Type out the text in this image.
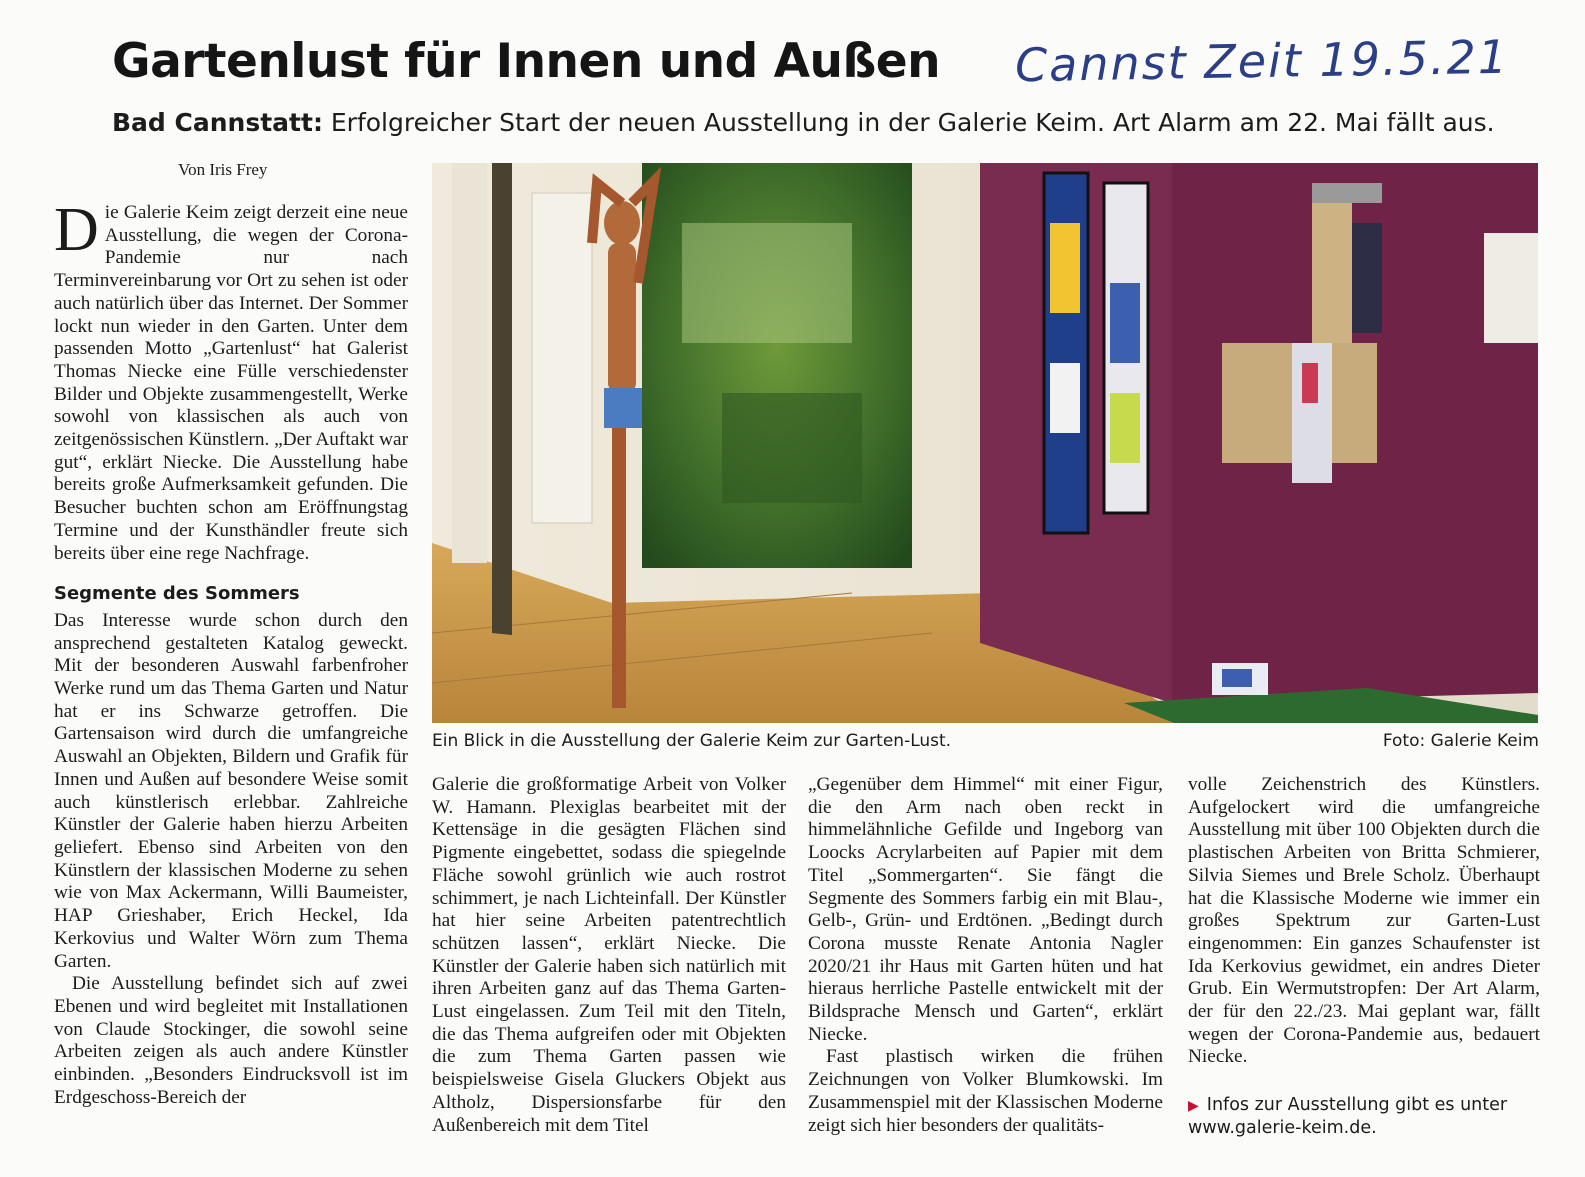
Gartenlust für Innen und Außen Cannst Zeit 19.5.21
Bad Cannstatt: Erfolgreicher Start der neuen Ausstellung in der Galerie Keim. Art Alarm am 22. Mai fällt aus.
Von Iris Frey

Die Galerie Keim zeigt derzeit eine neue Ausstellung, die wegen der Corona-Pandemie nur nach Terminvereinbarung vor Ort zu sehen ist oder auch natürlich über das Internet. Der Sommer lockt nun wieder in den Garten. Unter dem passenden Motto „Gartenlust“ hat Galerist Thomas Niecke eine Fülle verschiedenster Bilder und Objekte zusammengestellt, Werke sowohl von klassischen als auch von zeitgenössischen Künstlern. „Der Auftakt war gut“, erklärt Niecke. Die Ausstellung habe bereits große Aufmerksamkeit gefunden. Die Besucher buchten schon am Eröffnungstag Termine und der Kunsthändler freute sich bereits über eine rege Nachfrage.

Segmente des Sommers

Das Interesse wurde schon durch den ansprechend gestalteten Katalog geweckt. Mit der besonderen Auswahl farbenfroher Werke rund um das Thema Garten und Natur hat er ins Schwarze getroffen. Die Gartensaison wird durch die umfangreiche Auswahl an Objekten, Bildern und Grafik für Innen und Außen auf besondere Weise somit auch künstlerisch erlebbar. Zahlreiche Künstler der Galerie haben hierzu Arbeiten geliefert. Ebenso sind Arbeiten von den Künstlern der klassischen Moderne zu sehen wie von Max Ackermann, Willi Baumeister, HAP Grieshaber, Erich Heckel, Ida Kerkovius und Walter Wörn zum Thema Garten.

Die Ausstellung befindet sich auf zwei Ebenen und wird begleitet mit Installationen von Claude Stockinger, die sowohl seine Arbeiten zeigen als auch andere Künstler einbinden. „Besonders Eindrucksvoll ist im Erdgeschoss-Bereich der

Ein Blick in die Ausstellung der Galerie Keim zur Garten-Lust.	Foto: Galerie Keim

Galerie die großformatige Arbeit von Volker W. Hamann. Plexiglas bearbeitet mit der Kettensäge in die gesägten Flächen sind Pigmente eingebettet, sodass die spiegelnde Fläche sowohl grünlich wie auch rostrot schimmert, je nach Lichteinfall. Der Künstler hat hier seine Arbeiten patentrechtlich schützen lassen“, erklärt Niecke. Die Künstler der Galerie haben sich natürlich mit ihren Arbeiten ganz auf das Thema Garten-Lust eingelassen. Zum Teil mit den Titeln, die das Thema aufgreifen oder mit Objekten die zum Thema Garten passen wie beispielsweise Gisela Gluckers Objekt aus Altholz, Dispersionsfarbe für den Außenbereich mit dem Titel

„Gegenüber dem Himmel“ mit einer Figur, die den Arm nach oben reckt in himmelähnliche Gefilde und Ingeborg van Loocks Acrylarbeiten auf Papier mit dem Titel „Sommergarten“. Sie fängt die Segmente des Sommers farbig ein mit Blau-, Gelb-, Grün- und Erdtönen. „Bedingt durch Corona musste Renate Antonia Nagler 2020/21 ihr Haus mit Garten hüten und hat hieraus herrliche Pastelle entwickelt mit der Bildsprache Mensch und Garten“, erklärt Niecke.

Fast plastisch wirken die frühen Zeichnungen von Volker Blumkowski. Im Zusammenspiel mit der Klassischen Moderne zeigt sich hier besonders der qualitäts-

volle Zeichenstrich des Künstlers. Aufgelockert wird die umfangreiche Ausstellung mit über 100 Objekten durch die plastischen Arbeiten von Britta Schmierer, Silvia Siemes und Brele Scholz. Überhaupt hat die Klassische Moderne wie immer ein großes Spektrum zur Garten-Lust eingenommen: Ein ganzes Schaufenster ist Ida Kerkovius gewidmet, ein andres Dieter Grub. Ein Wermutstropfen: Der Art Alarm, der für den 22./23. Mai geplant war, fällt wegen der Corona-Pandemie aus, bedauert Niecke.

▶ Infos zur Ausstellung gibt es unter
www.galerie-keim.de.
